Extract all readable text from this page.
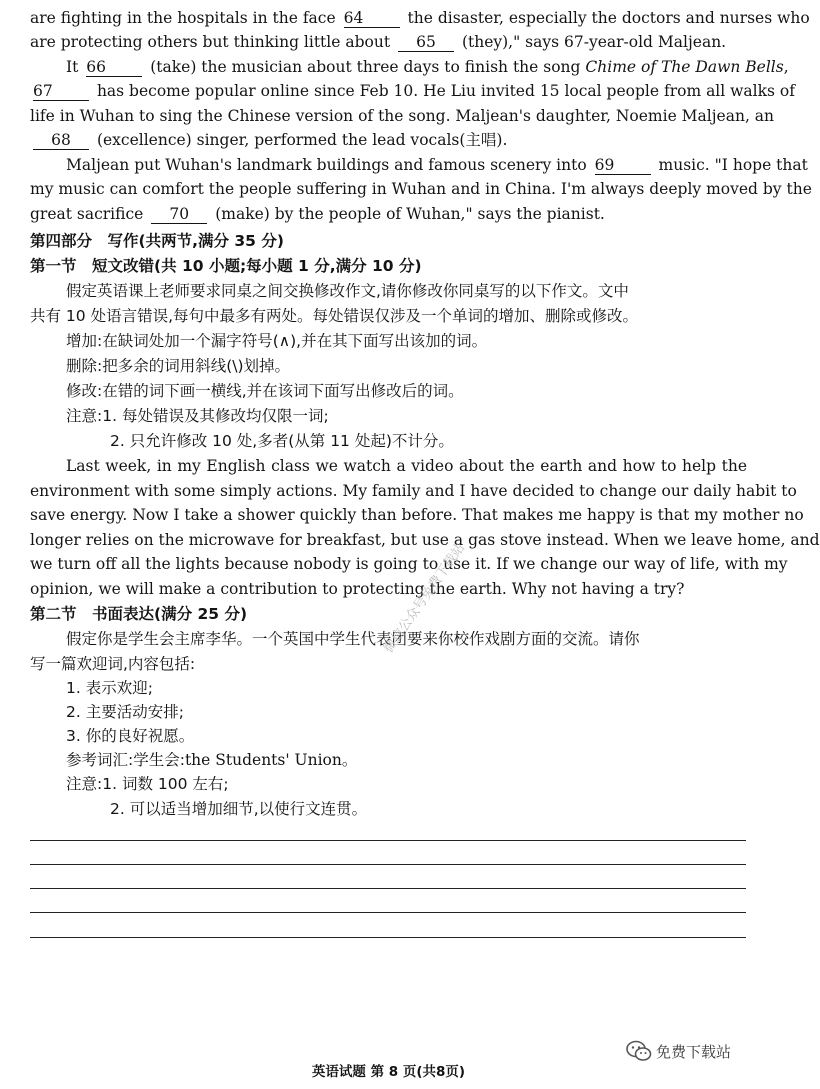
are fighting in the hospitals in the face 64	the disaster, especially the doctors and nurses who
are protecting others but thinking little about 65 (they)," says 67-year-old Maljean.
It 66	(take) the musician about three days to finish the song Chime of The Dawn Bells,
67	has become popular online since Feb 10. He Liu invited 15 local people from all walks of
life in Wuhan to sing the Chinese version of the song. Maljean's daughter, Noemie Maljean, an
68 (excellence) singer, performed the lead vocals(主唱).
Maljean put Wuhan's landmark buildings and famous scenery into 69	music. "I hope that
my music can comfort the people suffering in Wuhan and in China. I'm always deeply moved by the
great sacrifice 70 (make) by the people of Wuhan," says the pianist.
第四部分　写作(共两节,满分 35 分)
第一节　短文改错(共 10 小题;每小题 1 分,满分 10 分)
假定英语课上老师要求同桌之间交换修改作文,请你修改你同桌写的以下作文。文中
共有 10 处语言错误,每句中最多有两处。每处错误仅涉及一个单词的增加、删除或修改。
增加:在缺词处加一个漏字符号(∧),并在其下面写出该加的词。
删除:把多余的词用斜线(\)划掉。
修改:在错的词下画一横线,并在该词下面写出修改后的词。
注意:1. 每处错误及其修改均仅限一词;
2. 只允许修改 10 处,多者(从第 11 处起)不计分。
Last week, in my English class we watch a video about the earth and how to help the
environment with some simply actions. My family and I have decided to change our daily habit to
save energy. Now I take a shower quickly than before. That makes me happy is that my mother no
longer relies on the microwave for breakfast, but use a gas stove instead. When we leave home, and
we turn off all the lights because nobody is going to use it. If we change our way of life, with my
opinion, we will make a contribution to protecting the earth. Why not having a try?
第二节　书面表达(满分 25 分)
假定你是学生会主席李华。一个英国中学生代表团要来你校作戏剧方面的交流。请你
写一篇欢迎词,内容包括:
1. 表示欢迎;
2. 主要活动安排;
3. 你的良好祝愿。
参考词汇:学生会:the Students' Union。
注意:1. 词数 100 左右;
2. 可以适当增加细节,以使行文连贯。
微信公众号免费下载站
英语试题 第 8 页(共8页)
免费下载站
